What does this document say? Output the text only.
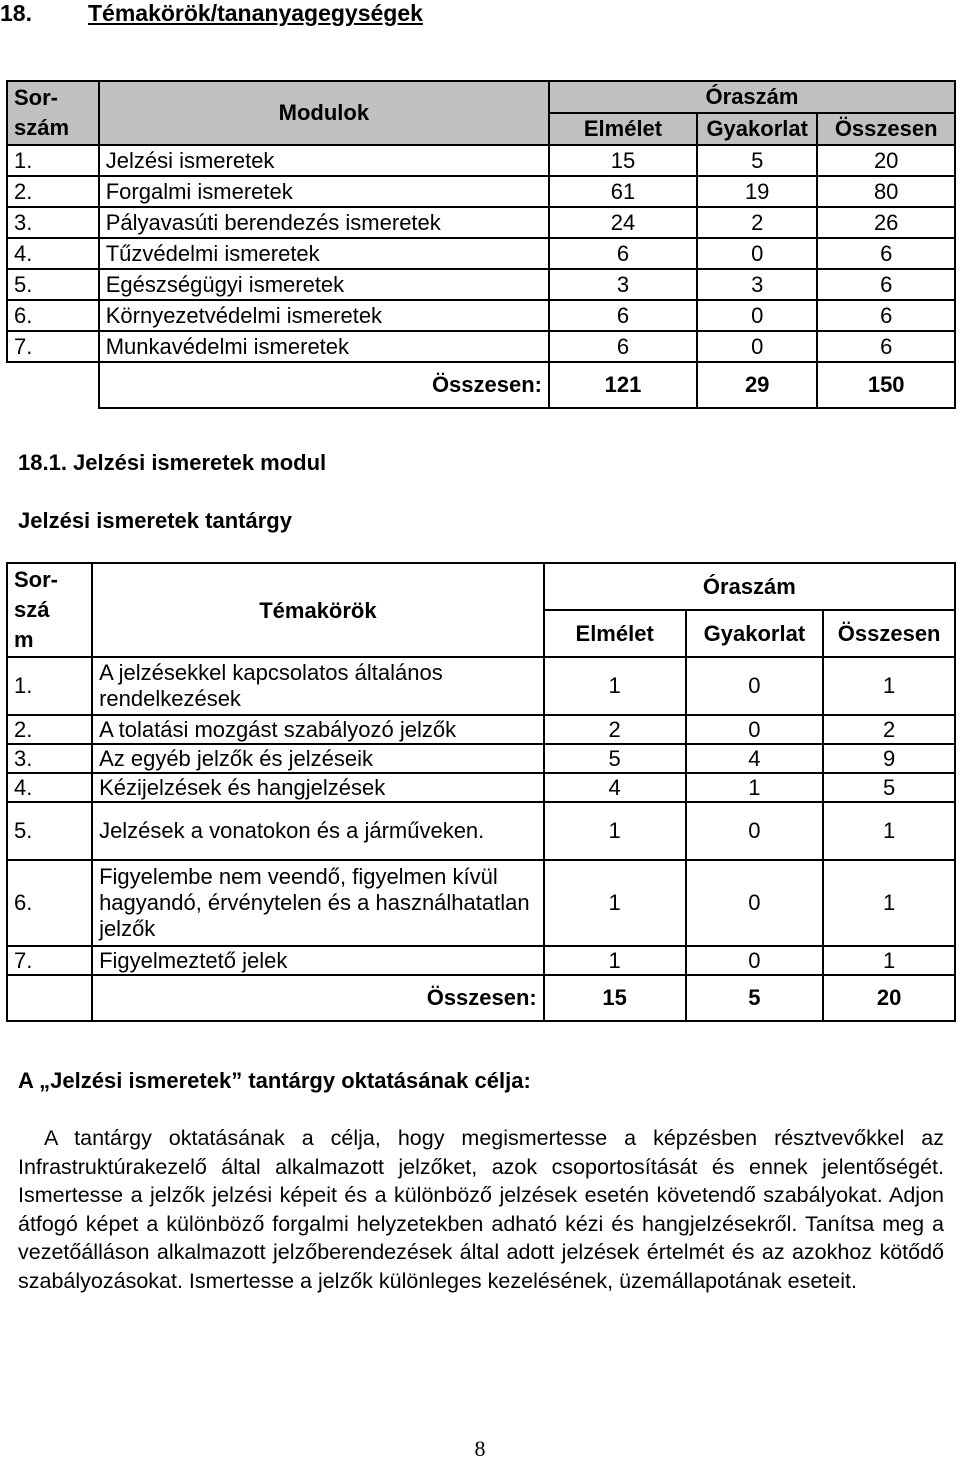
18. Témakörök/tananyagegységek
Sor-
szám	Modulok	Óraszám		
		Elmélet	Gyakorlat	Összesen
1.	Jelzési ismeretek	15	5	20
2.	Forgalmi ismeretek	61	19	80
3.	Pályavasúti berendezés ismeretek	24	2	26
4.	Tűzvédelmi ismeretek	6	0	6
5.	Egészségügyi ismeretek	3	3	6
6.	Környezetvédelmi ismeretek	6	0	6
7.	Munkavédelmi ismeretek	6	0	6
	Összesen:	121	29	150
18.1. Jelzési ismeretek modul
Jelzési ismeretek tantárgy
Sor-
szá
m	Témakörök	Óraszám		
		Elmélet	Gyakorlat	Összesen
1.	A jelzésekkel kapcsolatos általános rendelkezések	1	0	1
2.	A tolatási mozgást szabályozó jelzők	2	0	2
3.	Az egyéb jelzők és jelzéseik	5	4	9
4.	Kézijelzések és hangjelzések	4	1	5
5.	Jelzések a vonatokon és a járműveken.	1	0	1
6.	Figyelembe nem veendő, figyelmen kívül hagyandó, érvénytelen és a használhatatlan jelzők	1	0	1
7.	Figyelmeztető jelek	1	0	1
	Összesen:	15	5	20
A „Jelzési ismeretek” tantárgy oktatásának célja:
A tantárgy oktatásának a célja, hogy megismertesse a képzésben résztvevőkkel az Infrastruktúrakezelő által alkalmazott jelzőket, azok csoportosítását és ennek jelentőségét. Ismertesse a jelzők jelzési képeit és a különböző jelzések esetén követendő szabályokat. Adjon átfogó képet a különböző forgalmi helyzetekben adható kézi és hangjelzésekről. Tanítsa meg a vezetőálláson alkalmazott jelzőberendezések által adott jelzések értelmét és az azokhoz kötődő szabályozásokat. Ismertesse a jelzők különleges kezelésének, üzemállapotának eseteit.
8
